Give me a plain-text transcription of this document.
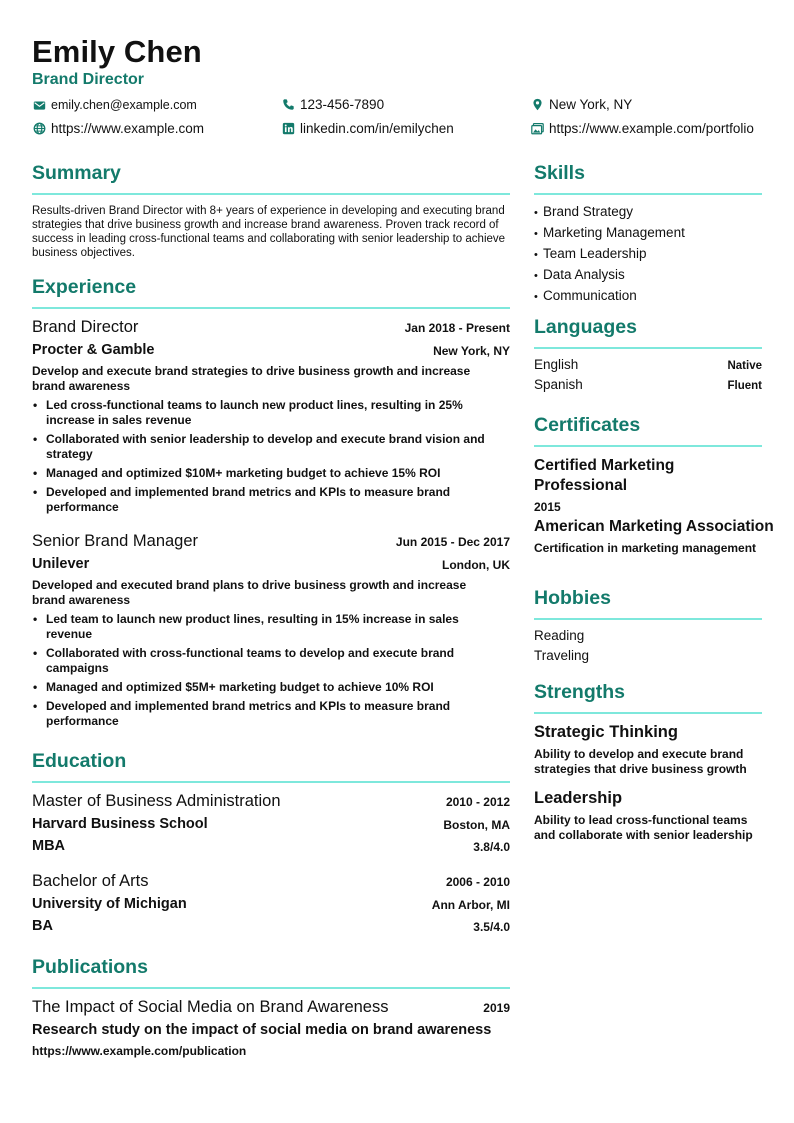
Emily Chen
Brand Director
emily.chen@example.com	123-456-7890	New York, NY
https://www.example.com	linkedin.com/in/emilychen	https://www.example.com/portfolio
Summary
Results-driven Brand Director with 8+ years of experience in developing and executing brand strategies that drive business growth and increase brand awareness. Proven track record of success in leading cross-functional teams and collaborating with senior leadership to achieve business objectives.
Experience
Brand Director	Jan 2018 - Present
Procter & Gamble	New York, NY
Develop and execute brand strategies to drive business growth and increase brand awareness
• Led cross-functional teams to launch new product lines, resulting in 25% increase in sales revenue
• Collaborated with senior leadership to develop and execute brand vision and strategy
• Managed and optimized $10M+ marketing budget to achieve 15% ROI
• Developed and implemented brand metrics and KPIs to measure brand performance
Senior Brand Manager	Jun 2015 - Dec 2017
Unilever	London, UK
Developed and executed brand plans to drive business growth and increase brand awareness
• Led team to launch new product lines, resulting in 15% increase in sales revenue
• Collaborated with cross-functional teams to develop and execute brand campaigns
• Managed and optimized $5M+ marketing budget to achieve 10% ROI
• Developed and implemented brand metrics and KPIs to measure brand performance
Education
Master of Business Administration	2010 - 2012
Harvard Business School	Boston, MA
MBA	3.8/4.0
Bachelor of Arts	2006 - 2010
University of Michigan	Ann Arbor, MI
BA	3.5/4.0
Publications
The Impact of Social Media on Brand Awareness	2019
Research study on the impact of social media on brand awareness
https://www.example.com/publication
Skills
• Brand Strategy
• Marketing Management
• Team Leadership
• Data Analysis
• Communication
Languages
English	Native
Spanish	Fluent
Certificates
Certified Marketing Professional
2015
American Marketing Association
Certification in marketing management
Hobbies
Reading
Traveling
Strengths
Strategic Thinking
Ability to develop and execute brand strategies that drive business growth
Leadership
Ability to lead cross-functional teams and collaborate with senior leadership
